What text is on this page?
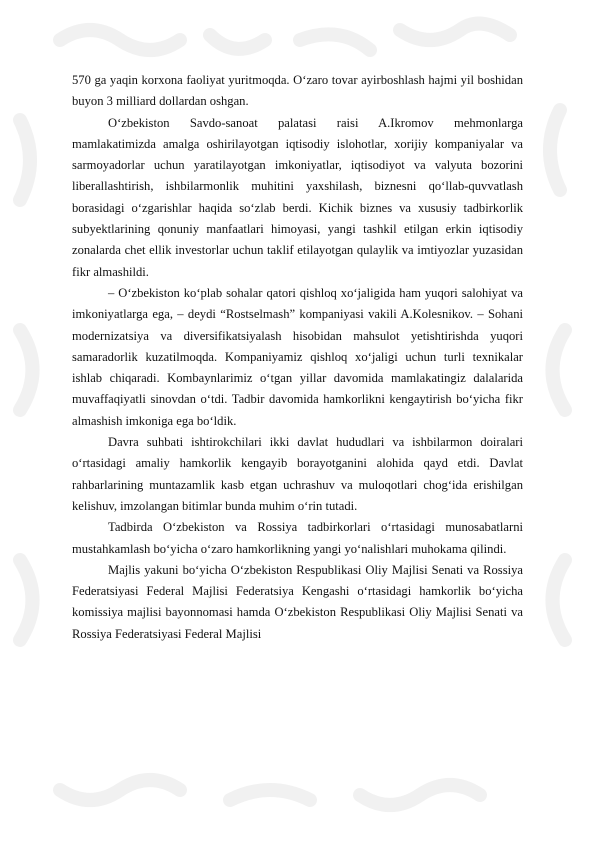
570 ga yaqin korxona faoliyat yuritmoqda. O‘zaro tovar ayirboshlash hajmi yil boshidan buyon 3 milliard dollardan oshgan.

O‘zbekiston Savdo-sanoat palatasi raisi A.Ikromov mehmonlarga mamlakatimizda amalga oshirilayotgan iqtisodiy islohotlar, xorijiy kompaniyalar va sarmoyadorlar uchun yaratilayotgan imkoniyatlar, iqtisodiyot va valyuta bozorini liberallashtirish, ishbilarmonlik muhitini yaxshilash, biznesni qo‘llab-quvvatlash borasidagi o‘zgarishlar haqida so‘zlab berdi. Kichik biznes va xususiy tadbirkorlik subyektlarining qonuniy manfaatlari himoyasi, yangi tashkil etilgan erkin iqtisodiy zonalarda chet ellik investorlar uchun taklif etilayotgan qulaylik va imtiyozlar yuzasidan fikr almashildi.

– O‘zbekiston ko‘plab sohalar qatori qishloq xo‘jaligida ham yuqori salohiyat va imkoniyatlarga ega, – deydi “Rostselmash” kompaniyasi vakili A.Kolesnikov. – Sohani modernizatsiya va diversifikatsiyalash hisobidan mahsulot yetishtirishda yuqori samaradorlik kuzatilmoqda. Kompaniyamiz qishloq xo‘jaligi uchun turli texnikalar ishlab chiqaradi. Kombaynlarimiz o‘tgan yillar davomida mamlakatingiz dalalarida muvaffaqiyatli sinovdan o‘tdi. Tadbir davomida hamkorlikni kengaytirish bo‘yicha fikr almashish imkoniga ega bo‘ldik.

Davra suhbati ishtirokchilari ikki davlat hududlari va ishbilarmon doiralari o‘rtasidagi amaliy hamkorlik kengayib borayotganini alohida qayd etdi. Davlat rahbarlarining muntazamlik kasb etgan uchrashuv va muloqotlari chog‘ida erishilgan kelishuv, imzolangan bitimlar bunda muhim o‘rin tutadi.

Tadbirda O‘zbekiston va Rossiya tadbirkorlari o‘rtasidagi munosabatlarni mustahkamlash bo‘yicha o‘zaro hamkorlikning yangi yo‘nalishlari muhokama qilindi.

Majlis yakuni bo‘yicha O‘zbekiston Respublikasi Oliy Majlisi Senati va Rossiya Federatsiyasi Federal Majlisi Federatsiya Kengashi o‘rtasidagi hamkorlik bo‘yicha komissiya majlisi bayonnomasi hamda O‘zbekiston Respublikasi Oliy Majlisi Senati va Rossiya Federatsiyasi Federal Majlisi
